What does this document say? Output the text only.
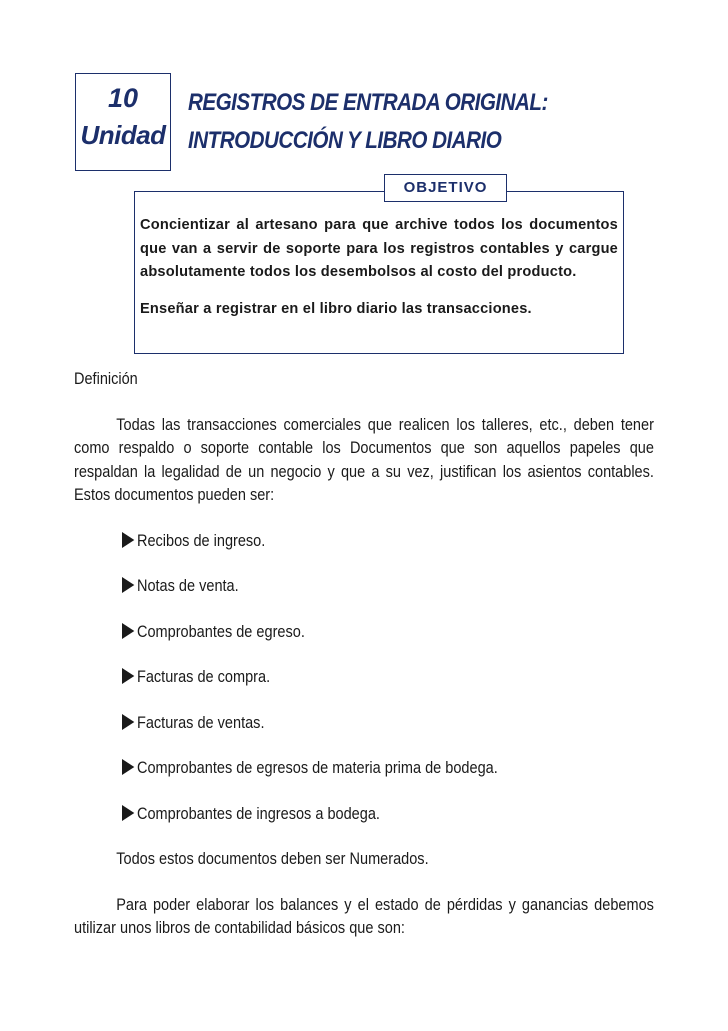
10
Unidad
REGISTROS DE ENTRADA ORIGINAL:
INTRODUCCIÓN Y LIBRO DIARIO
OBJETIVO

Concientizar al artesano para que archive todos los documentos que van a servir de soporte para los registros contables y cargue absolutamente todos los desembolsos al costo del producto.

Enseñar a registrar en el libro diario las transacciones.

Definición

Todas las transacciones comerciales que realicen los talleres, etc., deben tener como respaldo o soporte contable los Documentos que son aquellos papeles que respaldan la legalidad de un negocio y que a su vez, justifican los asientos contables. Estos documentos pueden ser:

Recibos de ingreso.
Notas de venta.
Comprobantes de egreso.
Facturas de compra.
Facturas de ventas.
Comprobantes de egresos de materia prima de bodega.
Comprobantes de ingresos a bodega.

Todos estos documentos deben ser Numerados.

Para poder elaborar los balances y el estado de pérdidas y ganancias debemos utilizar unos libros de contabilidad básicos que son:
